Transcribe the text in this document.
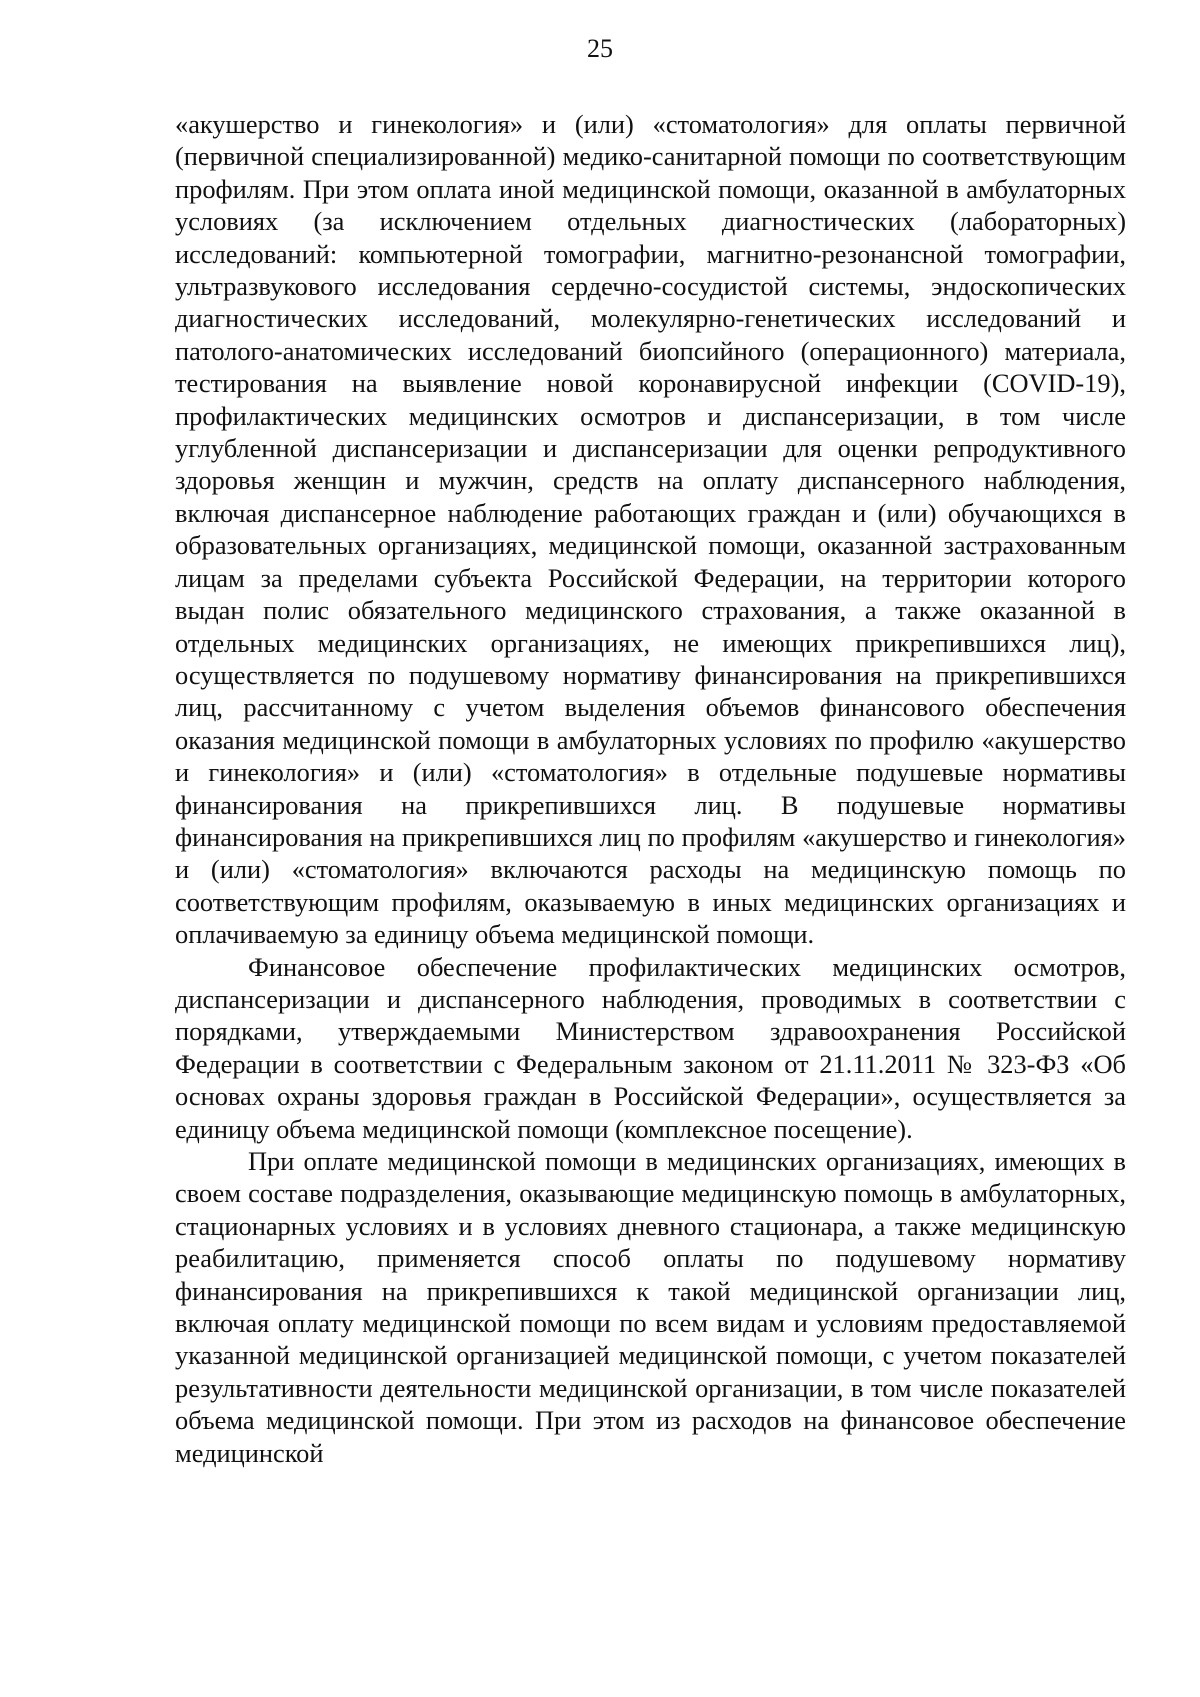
25

«акушерство и гинекология» и (или) «стоматология» для оплаты первичной (первичной специализированной) медико-санитарной помощи по соответствующим профилям. При этом оплата иной медицинской помощи, оказанной в амбулаторных условиях (за исключением отдельных диагностических (лабораторных) исследований: компьютерной томографии, магнитно-резонансной томографии, ультразвукового исследования сердечно-сосудистой системы, эндоскопических диагностических исследований, молекулярно-генетических исследований и патолого-анатомических исследований биопсийного (операционного) материала, тестирования на выявление новой коронавирусной инфекции (COVID-19), профилактических медицинских осмотров и диспансеризации, в том числе углубленной диспансеризации и диспансеризации для оценки репродуктивного здоровья женщин и мужчин, средств на оплату диспансерного наблюдения, включая диспансерное наблюдение работающих граждан и (или) обучающихся в образовательных организациях, медицинской помощи, оказанной застрахованным лицам за пределами субъекта Российской Федерации, на территории которого выдан полис обязательного медицинского страхования, а также оказанной в отдельных медицинских организациях, не имеющих прикрепившихся лиц), осуществляется по подушевому нормативу финансирования на прикрепившихся лиц, рассчитанному с учетом выделения объемов финансового обеспечения оказания медицинской помощи в амбулаторных условиях по профилю «акушерство и гинекология» и (или) «стоматология» в отдельные подушевые нормативы финансирования на прикрепившихся лиц. В подушевые нормативы финансирования на прикрепившихся лиц по профилям «акушерство и гинекология» и (или) «стоматология» включаются расходы на медицинскую помощь по соответствующим профилям, оказываемую в иных медицинских организациях и оплачиваемую за единицу объема медицинской помощи.

Финансовое обеспечение профилактических медицинских осмотров, диспансеризации и диспансерного наблюдения, проводимых в соответствии с порядками, утверждаемыми Министерством здравоохранения Российской Федерации в соответствии с Федеральным законом от 21.11.2011 № 323-ФЗ «Об основах охраны здоровья граждан в Российской Федерации», осуществляется за единицу объема медицинской помощи (комплексное посещение).

При оплате медицинской помощи в медицинских организациях, имеющих в своем составе подразделения, оказывающие медицинскую помощь в амбулаторных, стационарных условиях и в условиях дневного стационара, а также медицинскую реабилитацию, применяется способ оплаты по подушевому нормативу финансирования на прикрепившихся к такой медицинской организации лиц, включая оплату медицинской помощи по всем видам и условиям предоставляемой указанной медицинской организацией медицинской помощи, с учетом показателей результативности деятельности медицинской организации, в том числе показателей объема медицинской помощи. При этом из расходов на финансовое обеспечение медицинской
